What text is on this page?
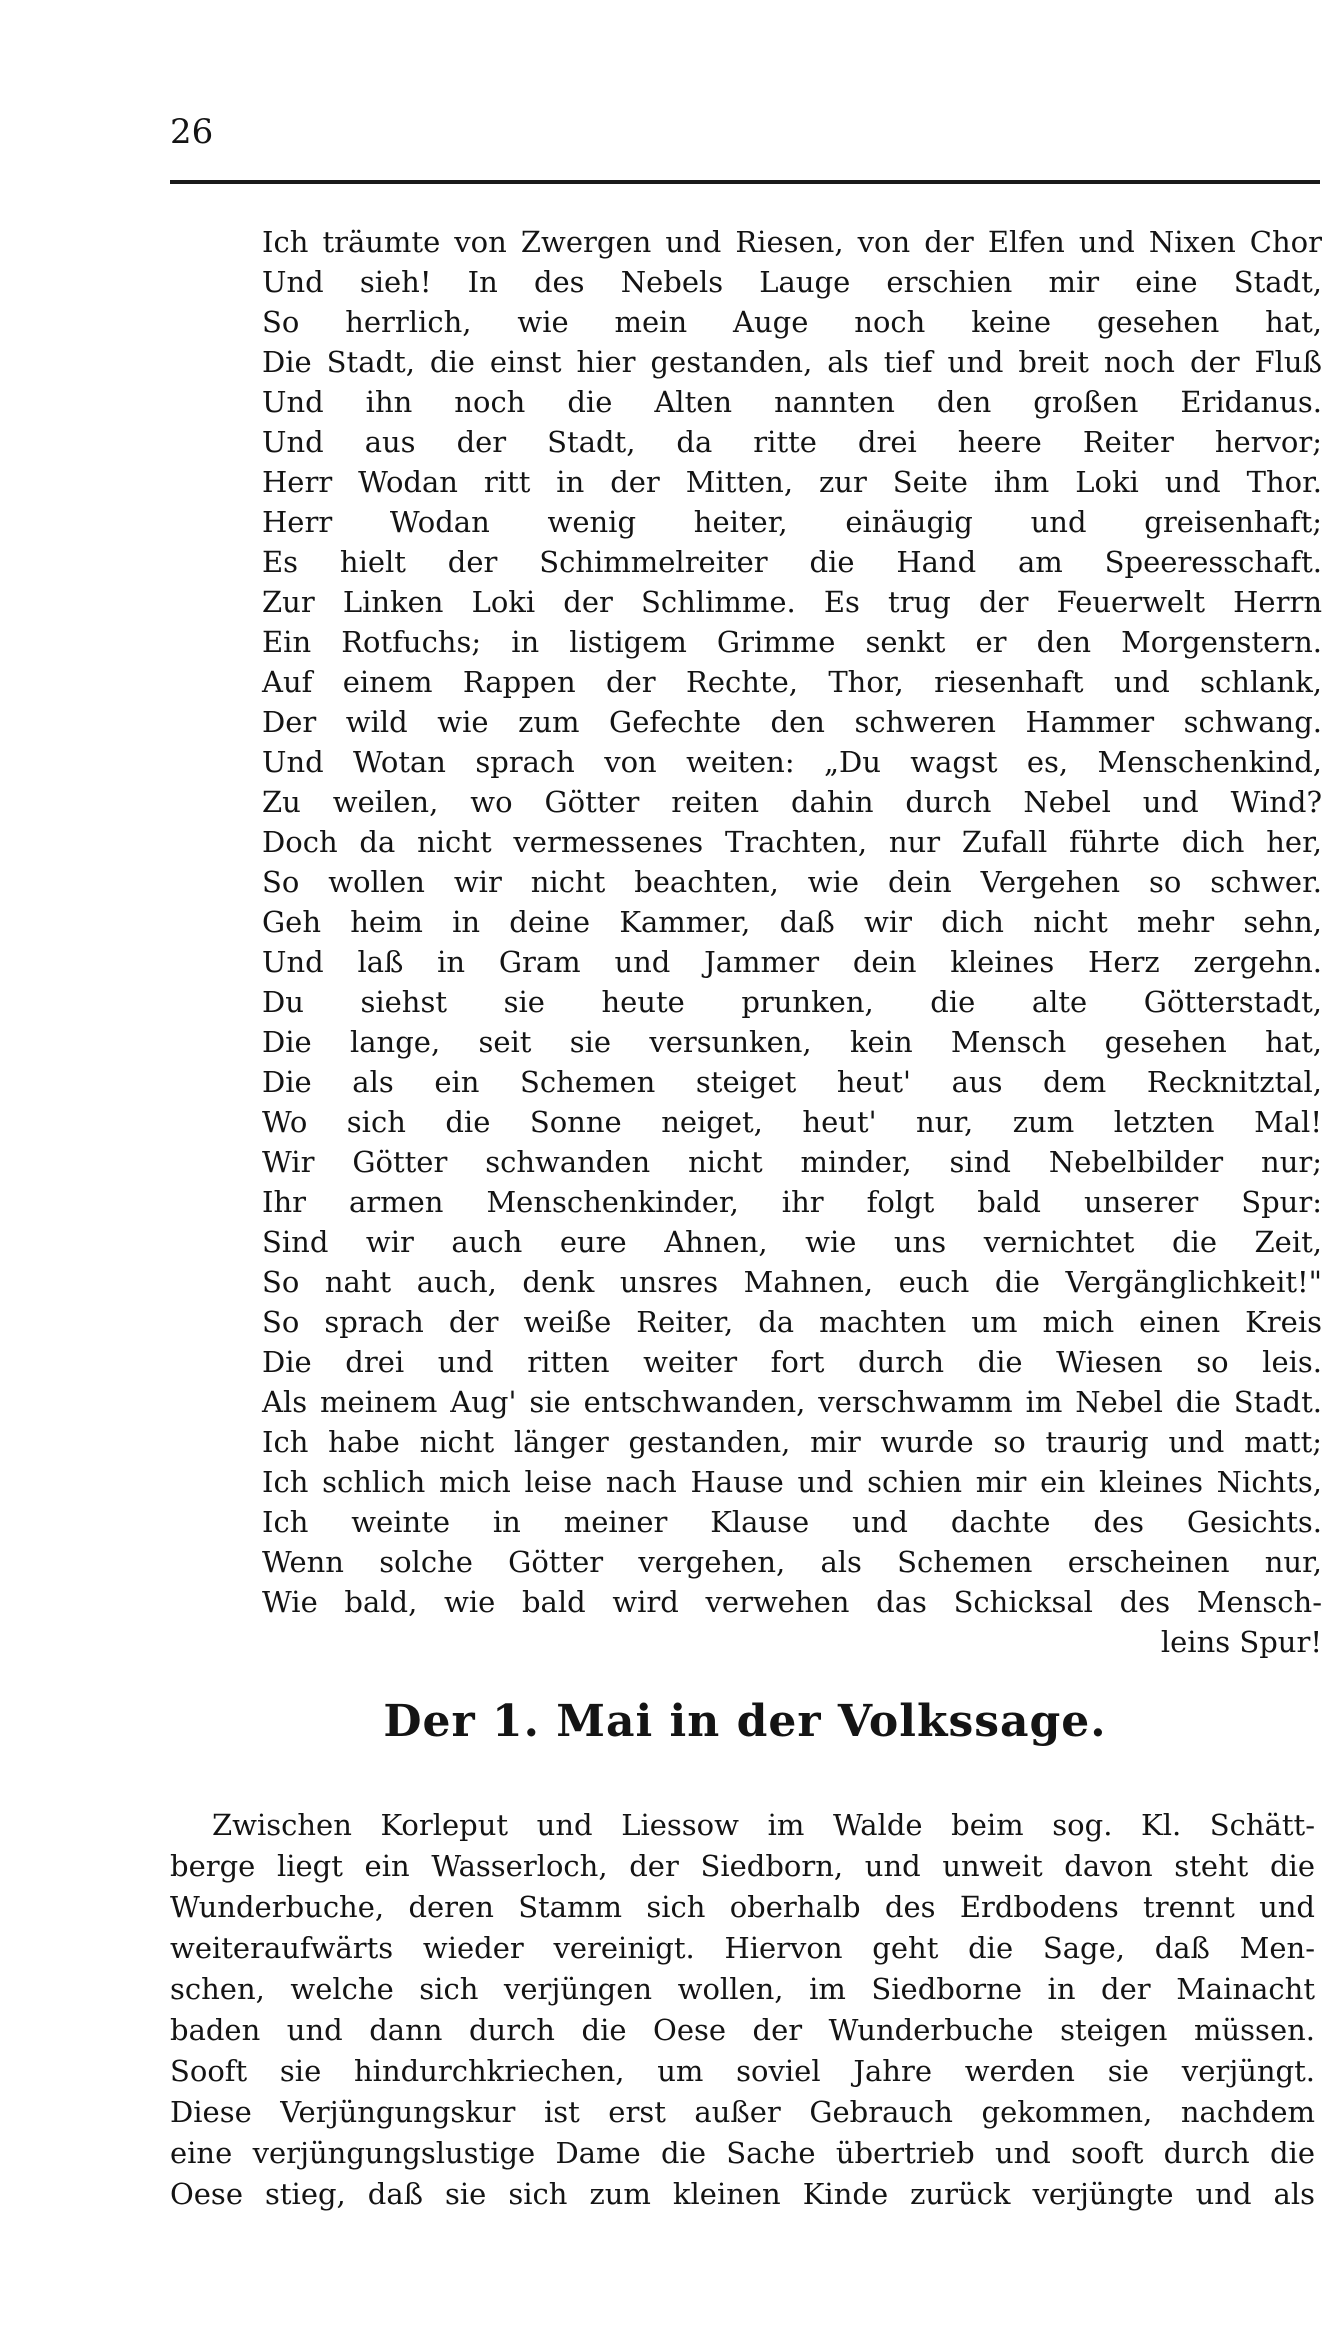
26
Ich träumte von Zwergen und Riesen, von der Elfen und Nixen Chor
Und sieh! In des Nebels Lauge erschien mir eine Stadt,
So herrlich, wie mein Auge noch keine gesehen hat,
Die Stadt, die einst hier gestanden, als tief und breit noch der Fluß
Und ihn noch die Alten nannten den großen Eridanus.
Und aus der Stadt, da ritte drei heere Reiter hervor;
Herr Wodan ritt in der Mitten, zur Seite ihm Loki und Thor.
Herr Wodan wenig heiter, einäugig und greisenhaft;
Es hielt der Schimmelreiter die Hand am Speeresschaft.
Zur Linken Loki der Schlimme. Es trug der Feuerwelt Herrn
Ein Rotfuchs; in listigem Grimme senkt er den Morgenstern.
Auf einem Rappen der Rechte, Thor, riesenhaft und schlank,
Der wild wie zum Gefechte den schweren Hammer schwang.
Und Wotan sprach von weiten: „Du wagst es, Menschenkind,
Zu weilen, wo Götter reiten dahin durch Nebel und Wind?
Doch da nicht vermessenes Trachten, nur Zufall führte dich her,
So wollen wir nicht beachten, wie dein Vergehen so schwer.
Geh heim in deine Kammer, daß wir dich nicht mehr sehn,
Und laß in Gram und Jammer dein kleines Herz zergehn.
Du siehst sie heute prunken, die alte Götterstadt,
Die lange, seit sie versunken, kein Mensch gesehen hat,
Die als ein Schemen steiget heut' aus dem Recknitztal,
Wo sich die Sonne neiget, heut' nur, zum letzten Mal!
Wir Götter schwanden nicht minder, sind Nebelbilder nur;
Ihr armen Menschenkinder, ihr folgt bald unserer Spur:
Sind wir auch eure Ahnen, wie uns vernichtet die Zeit,
So naht auch, denk unsres Mahnen, euch die Vergänglichkeit!"
So sprach der weiße Reiter, da machten um mich einen Kreis
Die drei und ritten weiter fort durch die Wiesen so leis.
Als meinem Aug' sie entschwanden, verschwamm im Nebel die Stadt.
Ich habe nicht länger gestanden, mir wurde so traurig und matt;
Ich schlich mich leise nach Hause und schien mir ein kleines Nichts,
Ich weinte in meiner Klause und dachte des Gesichts.
Wenn solche Götter vergehen, als Schemen erscheinen nur,
Wie bald, wie bald wird verwehen das Schicksal des Mensch-
leins Spur!
Der 1. Mai in der Volkssage.
Zwischen Korleput und Liessow im Walde beim sog. Kl. Schätt-
berge liegt ein Wasserloch, der Siedborn, und unweit davon steht die
Wunderbuche, deren Stamm sich oberhalb des Erdbodens trennt und
weiteraufwärts wieder vereinigt. Hiervon geht die Sage, daß Men-
schen, welche sich verjüngen wollen, im Siedborne in der Mainacht
baden und dann durch die Oese der Wunderbuche steigen müssen.
Sooft sie hindurchkriechen, um soviel Jahre werden sie verjüngt.
Diese Verjüngungskur ist erst außer Gebrauch gekommen, nachdem
eine verjüngungslustige Dame die Sache übertrieb und sooft durch die
Oese stieg, daß sie sich zum kleinen Kinde zurück verjüngte und als
